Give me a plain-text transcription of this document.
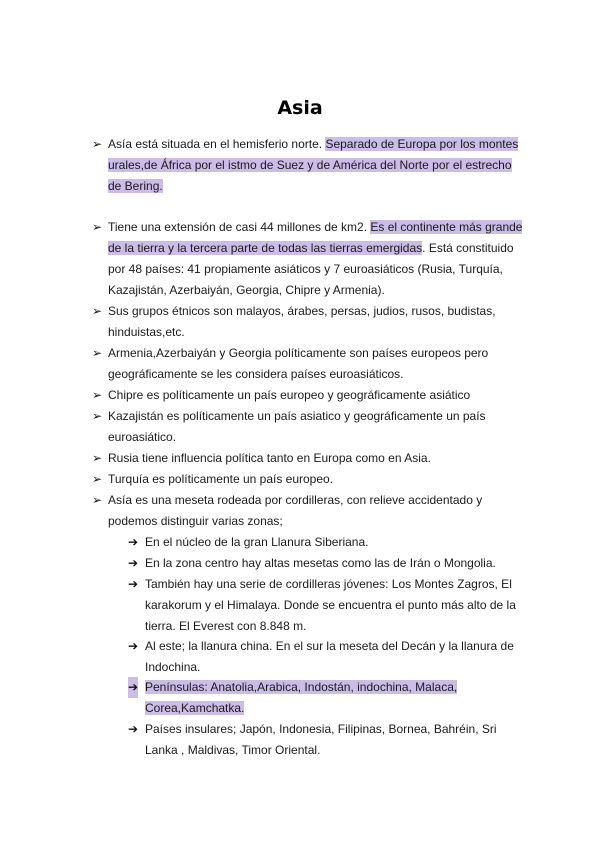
Asia
➢ Asía está situada en el hemisferio norte. Separado de Europa por los montes
urales,de África por el istmo de Suez y de América del Norte por el estrecho
de Bering.
➢ Tiene una extensión de casi 44 millones de km2. Es el continente más grande
de la tierra y la tercera parte de todas las tierras emergidas. Está constituido
por 48 países: 41 propiamente asiáticos y 7 euroasiáticos (Rusia, Turquía,
Kazajistán, Azerbaiyán, Georgia, Chipre y Armenia).
➢ Sus grupos étnicos son malayos, árabes, persas, judios, rusos, budistas,
hinduistas,etc.
➢ Armenia,Azerbaiyán y Georgia políticamente son países europeos pero
geográficamente se les considera países euroasiáticos.
➢ Chipre es políticamente un país europeo y geográficamente asiático
➢ Kazajistán es políticamente un país asiatico y geográficamente un país
euroasiático.
➢ Rusia tiene influencia política tanto en Europa como en Asia.
➢ Turquía es políticamente un país europeo.
➢ Asía es una meseta rodeada por cordilleras, con relieve accidentado y
podemos distinguir varias zonas;
➔ En el núcleo de la gran Llanura Siberiana.
➔ En la zona centro hay altas mesetas como las de Irán o Mongolia.
➔ También hay una serie de cordilleras jóvenes: Los Montes Zagros, El
karakorum y el Himalaya. Donde se encuentra el punto más alto de la
tierra. El Everest con 8.848 m.
➔ Al este; la llanura china. En el sur la meseta del Decán y la llanura de
Indochina.
➔ Penínsulas: Anatolia,Arabica, Indostán, indochina, Malaca,
Corea,Kamchatka.
➔ Países insulares; Japón, Indonesia, Filipinas, Bornea, Bahréin, Sri
Lanka , Maldivas, Timor Oriental.
